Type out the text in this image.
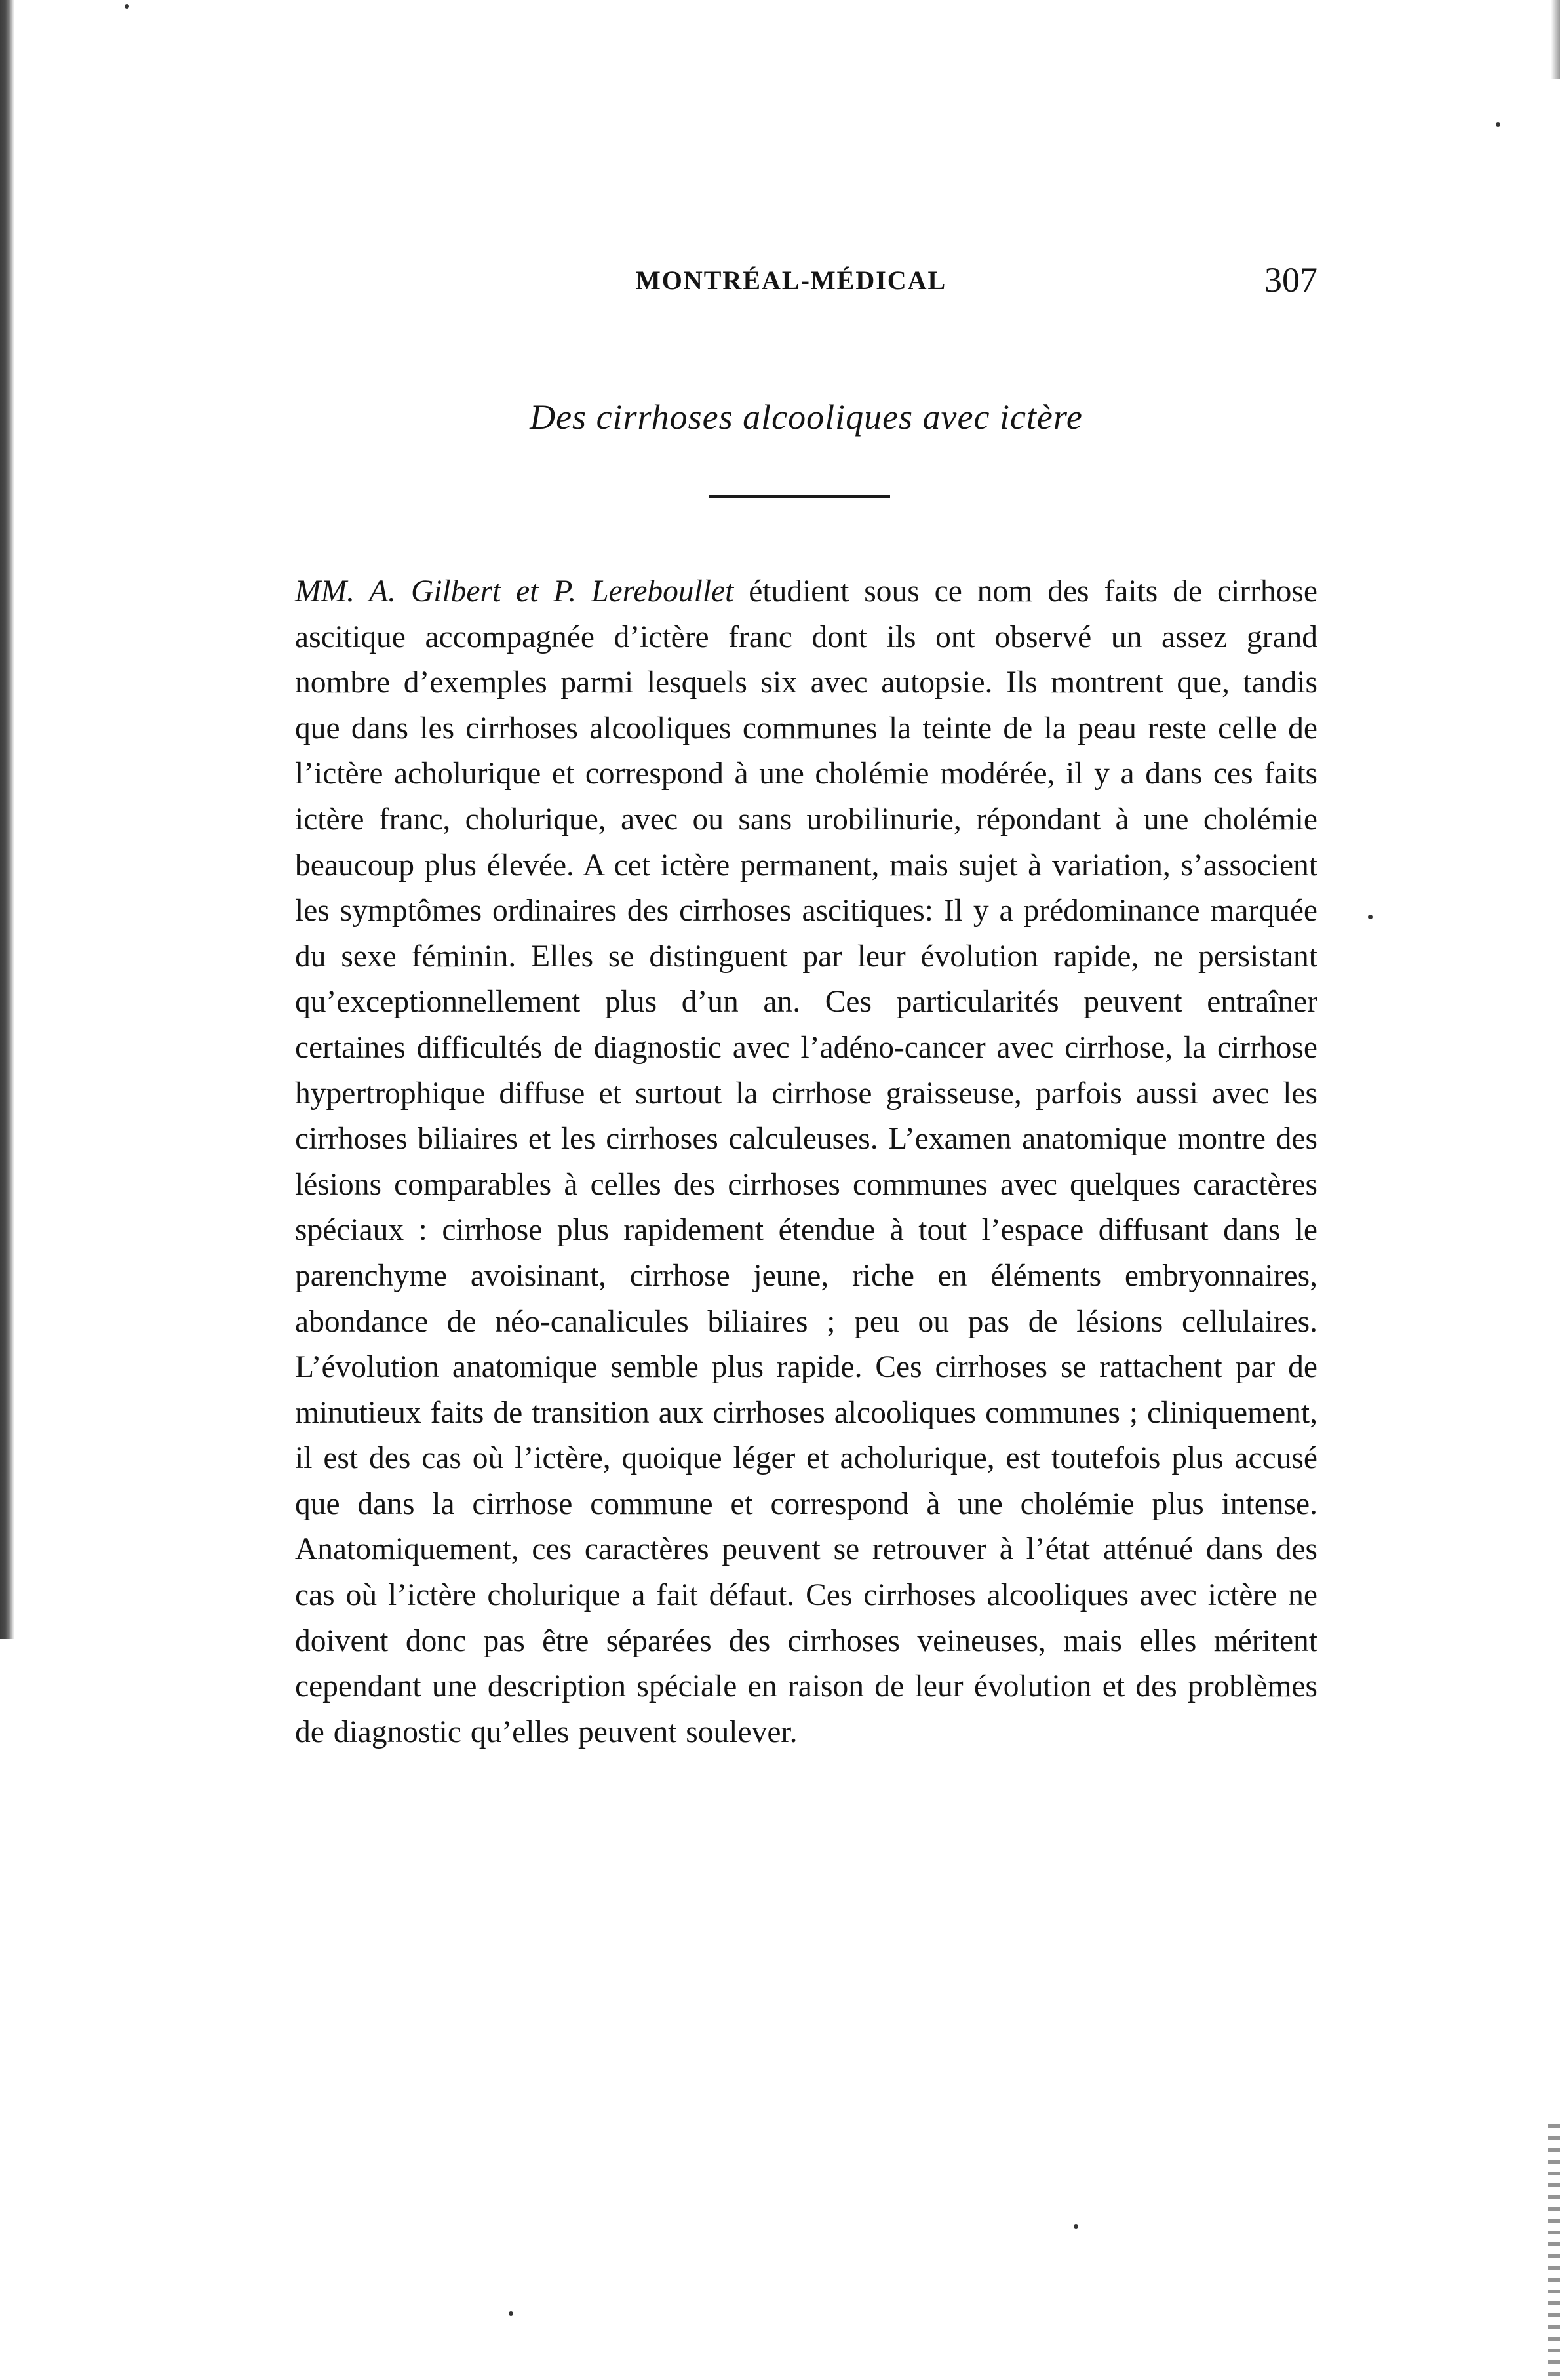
MONTRÉAL-MÉDICAL	307
Des cirrhoses alcooliques avec ictère

MM. A. Gilbert et P. Lereboullet étudient sous ce nom des faits de cirrhose ascitique accompagnée d’ictère franc dont ils ont observé un assez grand nombre d’exemples parmi lesquels six avec autopsie. Ils montrent que, tandis que dans les cirrhoses alcooliques communes la teinte de la peau reste celle de l’ictère acholurique et correspond à une cholémie modérée, il y a dans ces faits ictère franc, cholurique, avec ou sans urobilinurie, répondant à une cholémie beaucoup plus élevée. A cet ictère permanent, mais sujet à variation, s’associent les symptômes ordinaires des cirrhoses ascitiques: Il y a prédominance marquée du sexe féminin. Elles se distinguent par leur évolution rapide, ne persistant qu’exceptionnellement plus d’un an. Ces particularités peuvent entraîner certaines difficultés de diagnostic avec l’adéno-cancer avec cirrhose, la cirrhose hypertrophique diffuse et surtout la cirrhose graisseuse, parfois aussi avec les cirrhoses biliaires et les cirrhoses calculeuses. L’examen anatomique montre des lésions comparables à celles des cirrhoses communes avec quelques caractères spéciaux : cirrhose plus rapidement étendue à tout l’espace diffusant dans le parenchyme avoisinant, cirrhose jeune, riche en éléments embryonnaires, abondance de néo-canalicules biliaires ; peu ou pas de lésions cellulaires. L’évolution anatomique semble plus rapide. Ces cirrhoses se rattachent par de minutieux faits de transition aux cirrhoses alcooliques communes ; cliniquement, il est des cas où l’ictère, quoique léger et acholurique, est toutefois plus accusé que dans la cirrhose commune et correspond à une cholémie plus intense. Anatomiquement, ces caractères peuvent se retrouver à l’état atténué dans des cas où l’ictère cholurique a fait défaut. Ces cirrhoses alcooliques avec ictère ne doivent donc pas être séparées des cirrhoses veineuses, mais elles méritent cependant une description spéciale en raison de leur évolution et des problèmes de diagnostic qu’elles peuvent soulever.
